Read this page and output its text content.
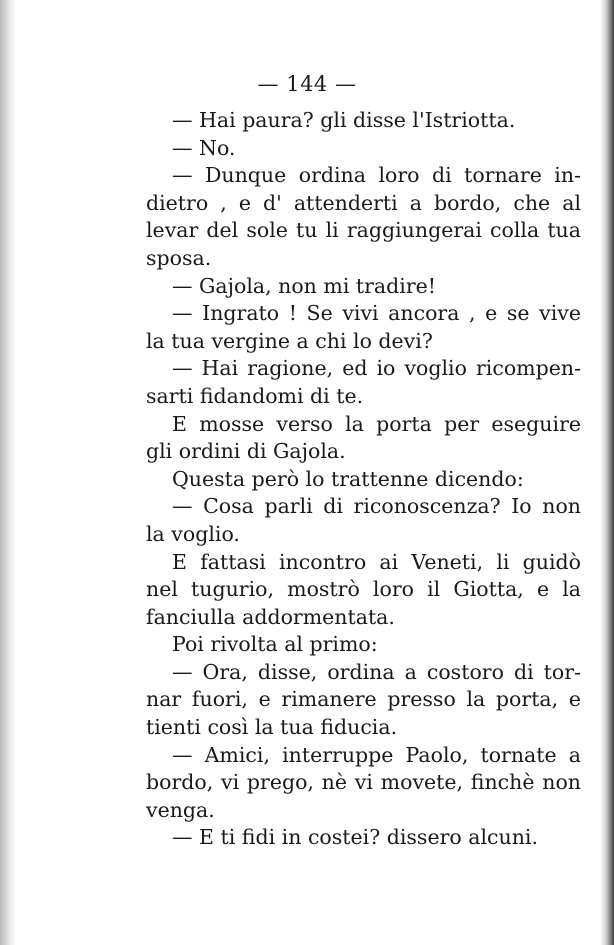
— 144 —
— Hai paura? gli disse l'Istriotta.
— No.
— Dunque ordina loro di tornare in-
dietro , e d' attenderti a bordo, che al
levar del sole tu li raggiungerai colla tua
sposa.
— Gajola, non mi tradire!
— Ingrato ! Se vivi ancora , e se vive
la tua vergine a chi lo devi?
— Hai ragione, ed io voglio ricompen-
sarti fidandomi di te.
E mosse verso la porta per eseguire
gli ordini di Gajola.
Questa però lo trattenne dicendo:
— Cosa parli di riconoscenza? Io non
la voglio.
E fattasi incontro ai Veneti, li guidò
nel tugurio, mostrò loro il Giotta, e la
fanciulla addormentata.
Poi rivolta al primo:
— Ora, disse, ordina a costoro di tor-
nar fuori, e rimanere presso la porta, e
tienti così la tua fiducia.
— Amici, interruppe Paolo, tornate a
bordo, vi prego, nè vi movete, finchè non
venga.
— E ti fidi in costei? dissero alcuni.
